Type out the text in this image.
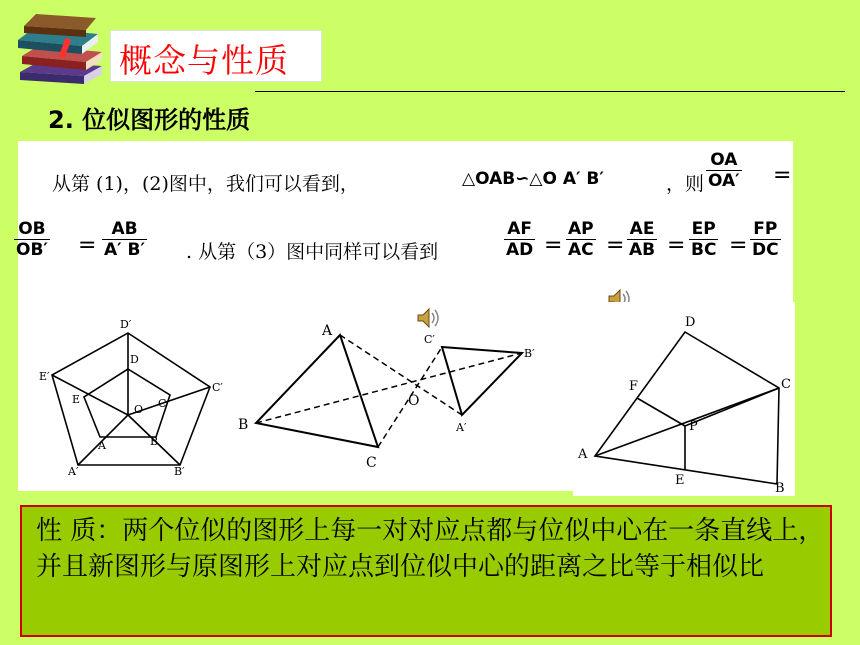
概念与性质
2. 位似图形的性质
从第 (1)，(2)图中，我们可以看到，	△OAB∽△O A′ B′	，则 $\frac{OA}{OA'}$ =
$\frac{OB}{OB'} = \frac{AB}{A' B'}$ . 从第（3）图中同样可以看到	$\frac{AF}{AD} = \frac{AP}{AC} = \frac{AE}{AB} = \frac{EP}{BC} = \frac{FP}{DC}$
D′
D
E′
E
C′
C
O
A	B
A′	B′
A
B
C
O
C′
B′
A′
D
F	C
P
A
E
B
性 质：两个位似的图形上每一对对应点都与位似中心在一条直线上，并且新图形与原图形上对应点到位似中心的距离之比等于相似比
